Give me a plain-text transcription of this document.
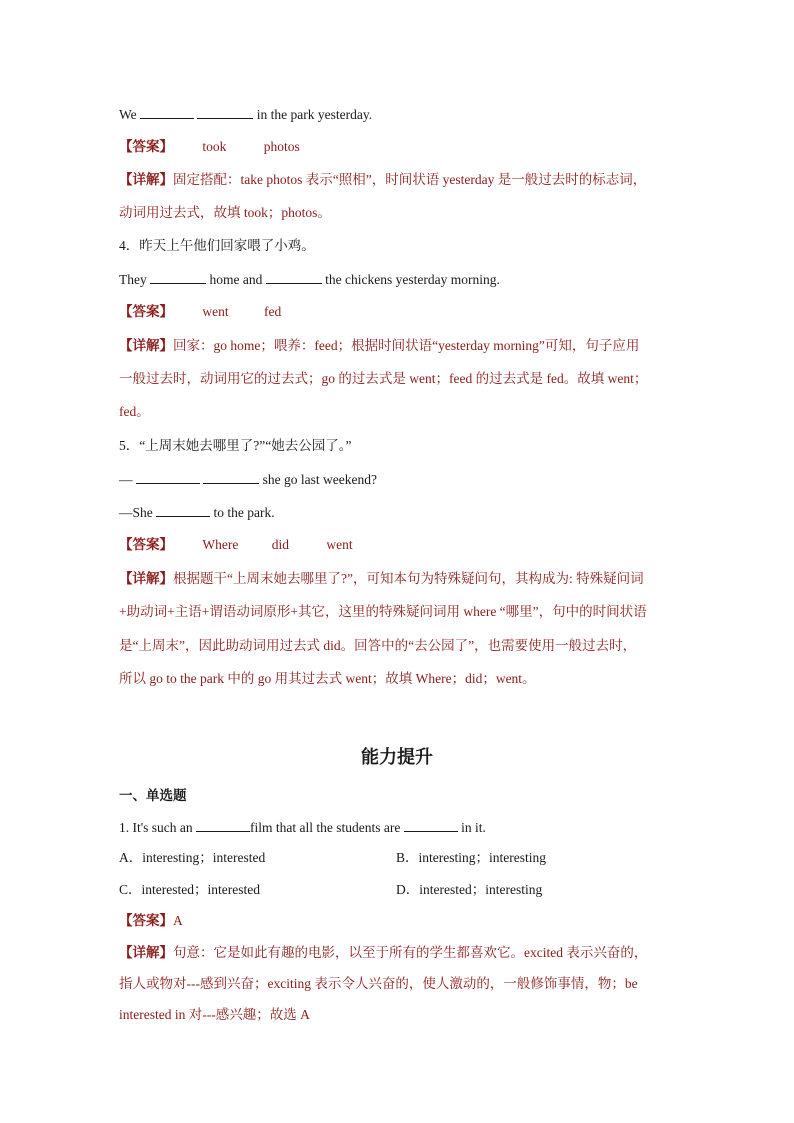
We	in the park yesterday.
【答案】 took	photos
【详解】固定搭配：take photos 表示“照相”，时间状语 yesterday 是一般过去时的标志词，
动词用过去式，故填 took；photos。
4．昨天上午他们回家喂了小鸡。
They	home and	the chickens yesterday morning.
【答案】 went	fed
【详解】回家：go home；喂养：feed；根据时间状语“yesterday morning”可知，句子应用
一般过去时，动词用它的过去式；go 的过去式是 went；feed 的过去式是 fed。故填 went；
fed。
5．“上周末她去哪里了?”“她去公园了。”
—	she go last weekend?
—She	to the park.
【答案】 Where did	went
【详解】根据题干“上周末她去哪里了?”，可知本句为特殊疑问句，其构成为: 特殊疑问词
+助动词+主语+谓语动词原形+其它，这里的特殊疑问词用 where “哪里”，句中的时间状语
是“上周末”，因此助动词用过去式 did。回答中的“去公园了”，也需要使用一般过去时，
所以 go to the park 中的 go 用其过去式 went；故填 Where；did；went。
能力提升
一、单选题
1. It's such an	film that all the students are	in it.
A．interesting；interested	B．interesting；interesting
C．interested；interested	D．interested；interesting
【答案】A
【详解】句意：它是如此有趣的电影，以至于所有的学生都喜欢它。excited 表示兴奋的，
指人或物对---感到兴奋；exciting 表示令人兴奋的，使人激动的，一般修饰事情，物；be
interested in 对---感兴趣；故选 A
